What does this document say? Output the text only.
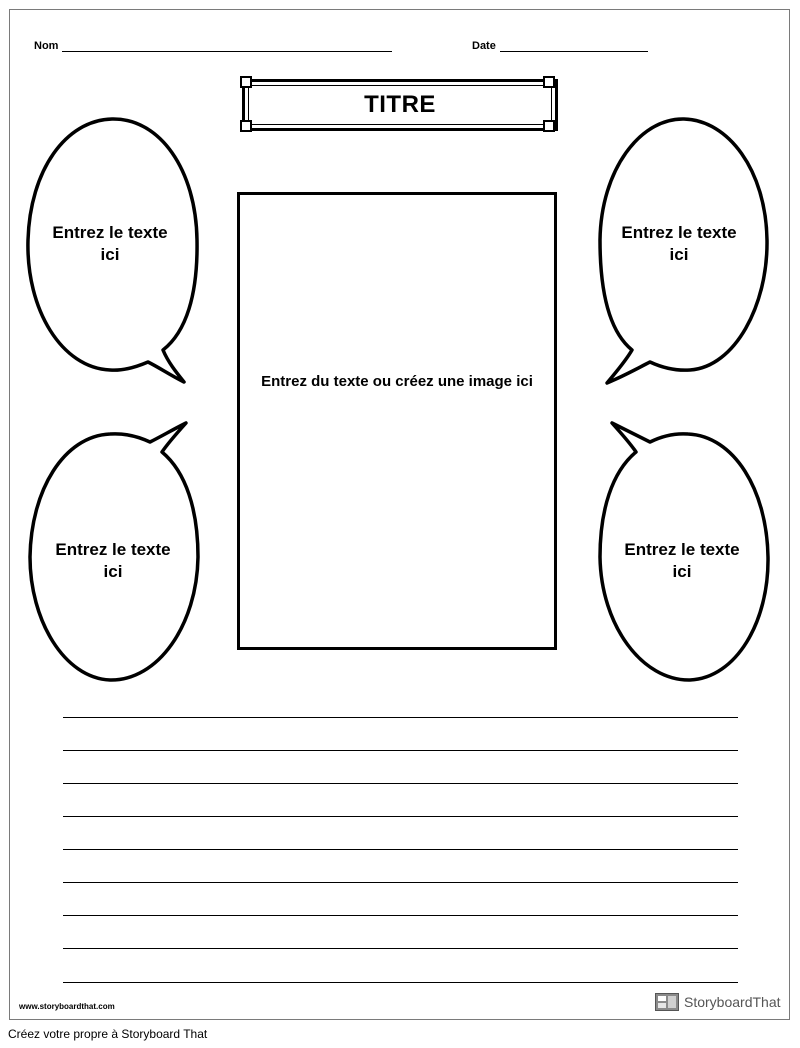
Nom	Date
TITRE
Entrez le texte ici
Entrez le texte ici
Entrez le texte ici
Entrez le texte ici
Entrez du texte ou créez une image ici
www.storyboardthat.com	StoryboardThat
Créez votre propre à Storyboard That
